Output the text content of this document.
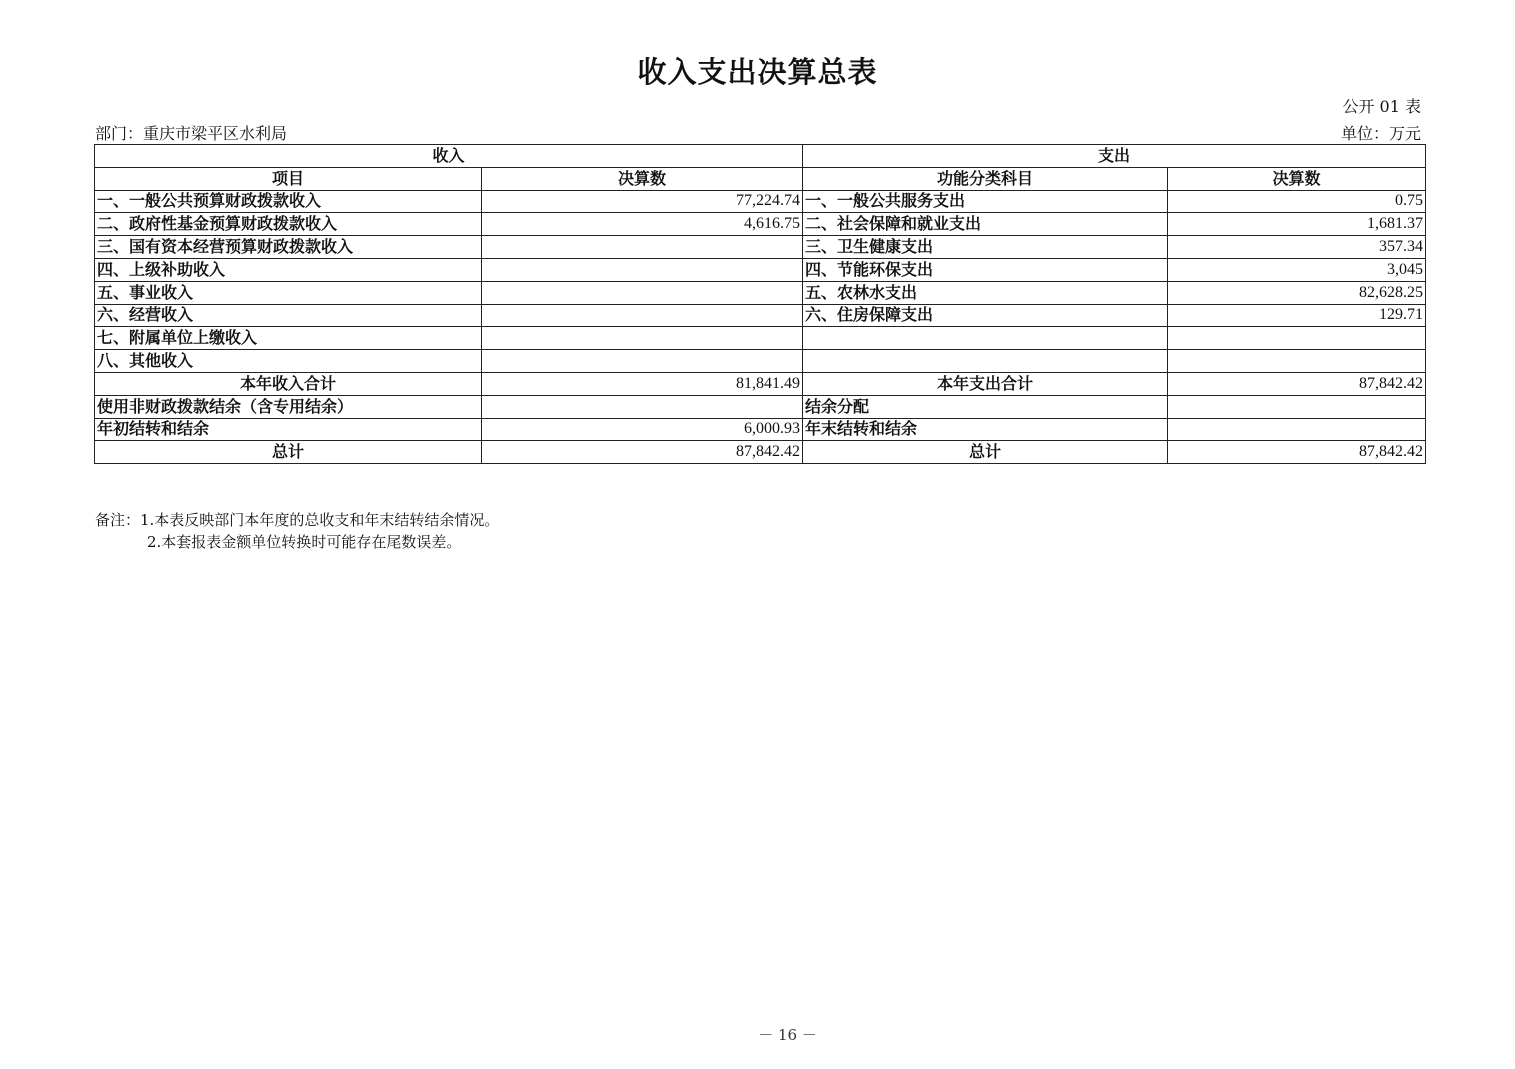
收入支出决算总表
公开 01 表
部门：重庆市梁平区水利局	单位：万元
收入		支出	
项目	决算数	功能分类科目	决算数
一、一般公共预算财政拨款收入	77,224.74	一、一般公共服务支出	0.75
二、政府性基金预算财政拨款收入	4,616.75	二、社会保障和就业支出	1,681.37
三、国有资本经营预算财政拨款收入		三、卫生健康支出	357.34
四、上级补助收入		四、节能环保支出	3,045
五、事业收入		五、农林水支出	82,628.25
六、经营收入		六、住房保障支出	129.71
七、附属单位上缴收入			
八、其他收入			
本年收入合计	81,841.49	本年支出合计	87,842.42
使用非财政拨款结余（含专用结余）		结余分配	
年初结转和结余	6,000.93	年末结转和结余	
总计	87,842.42	总计	87,842.42
备注：1.本表反映部门本年度的总收支和年末结转结余情况。
2.本套报表金额单位转换时可能存在尾数误差。
－ 16 －
